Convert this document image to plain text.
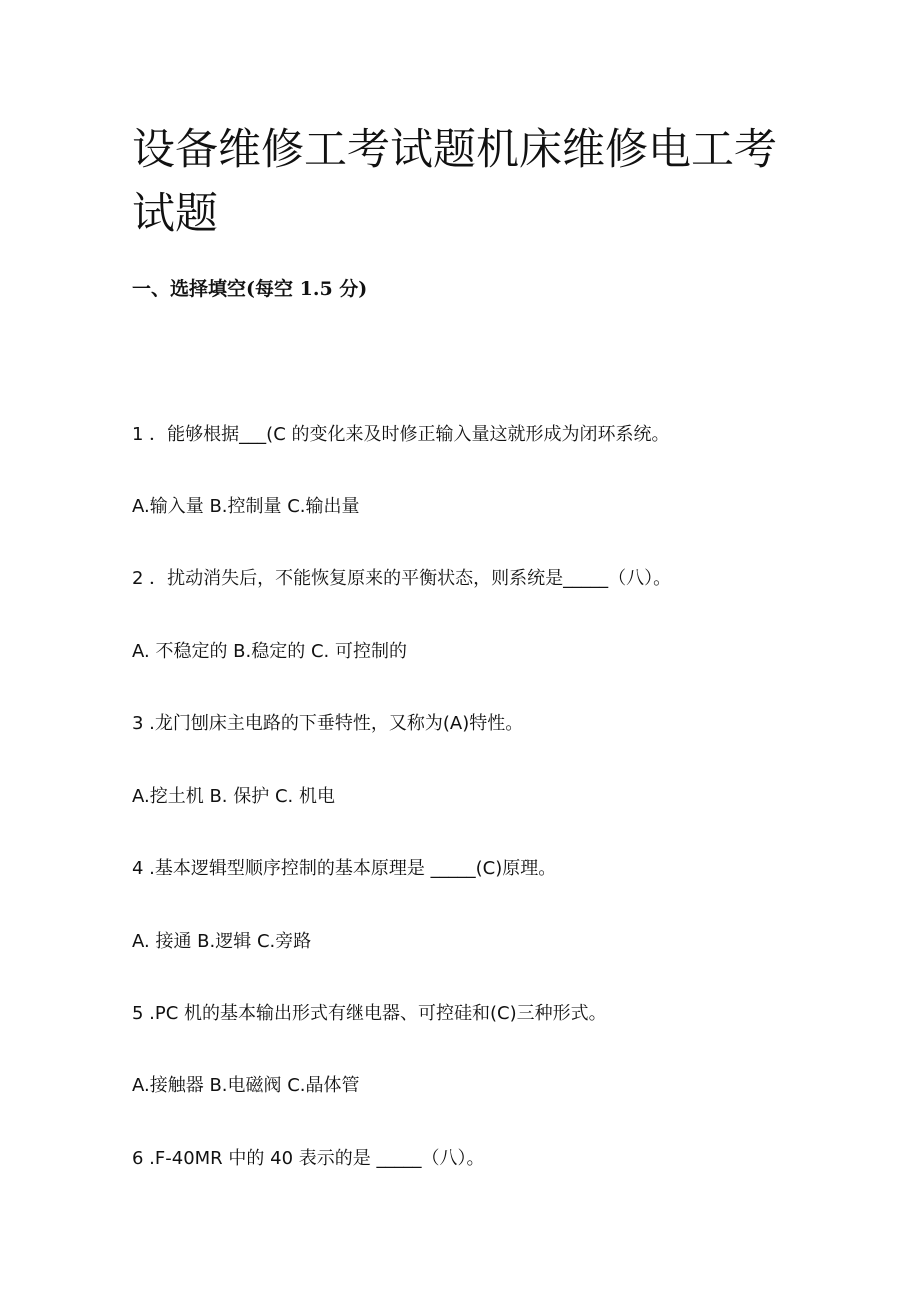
设备维修工考试题机床维修电工考试题
一、选择填空(每空 1.5 分)
1 ．能够根据___(C 的变化来及时修正输入量这就形成为闭环系统。
A.输入量 B.控制量 C.输出量
2 ．扰动消失后，不能恢复原来的平衡状态，则系统是_____（八）。
A. 不稳定的 B.稳定的 C. 可控制的
3 .龙门刨床主电路的下垂特性，又称为(A)特性。
A.挖土机 B. 保护 C. 机电
4 .基本逻辑型顺序控制的基本原理是 _____(C)原理。
A. 接通 B.逻辑 C.旁路
5 .PC 机的基本输出形式有继电器、可控硅和(C)三种形式。
A.接触器 B.电磁阀 C.晶体管
6 .F-40MR 中的 40 表示的是 _____（八）。
